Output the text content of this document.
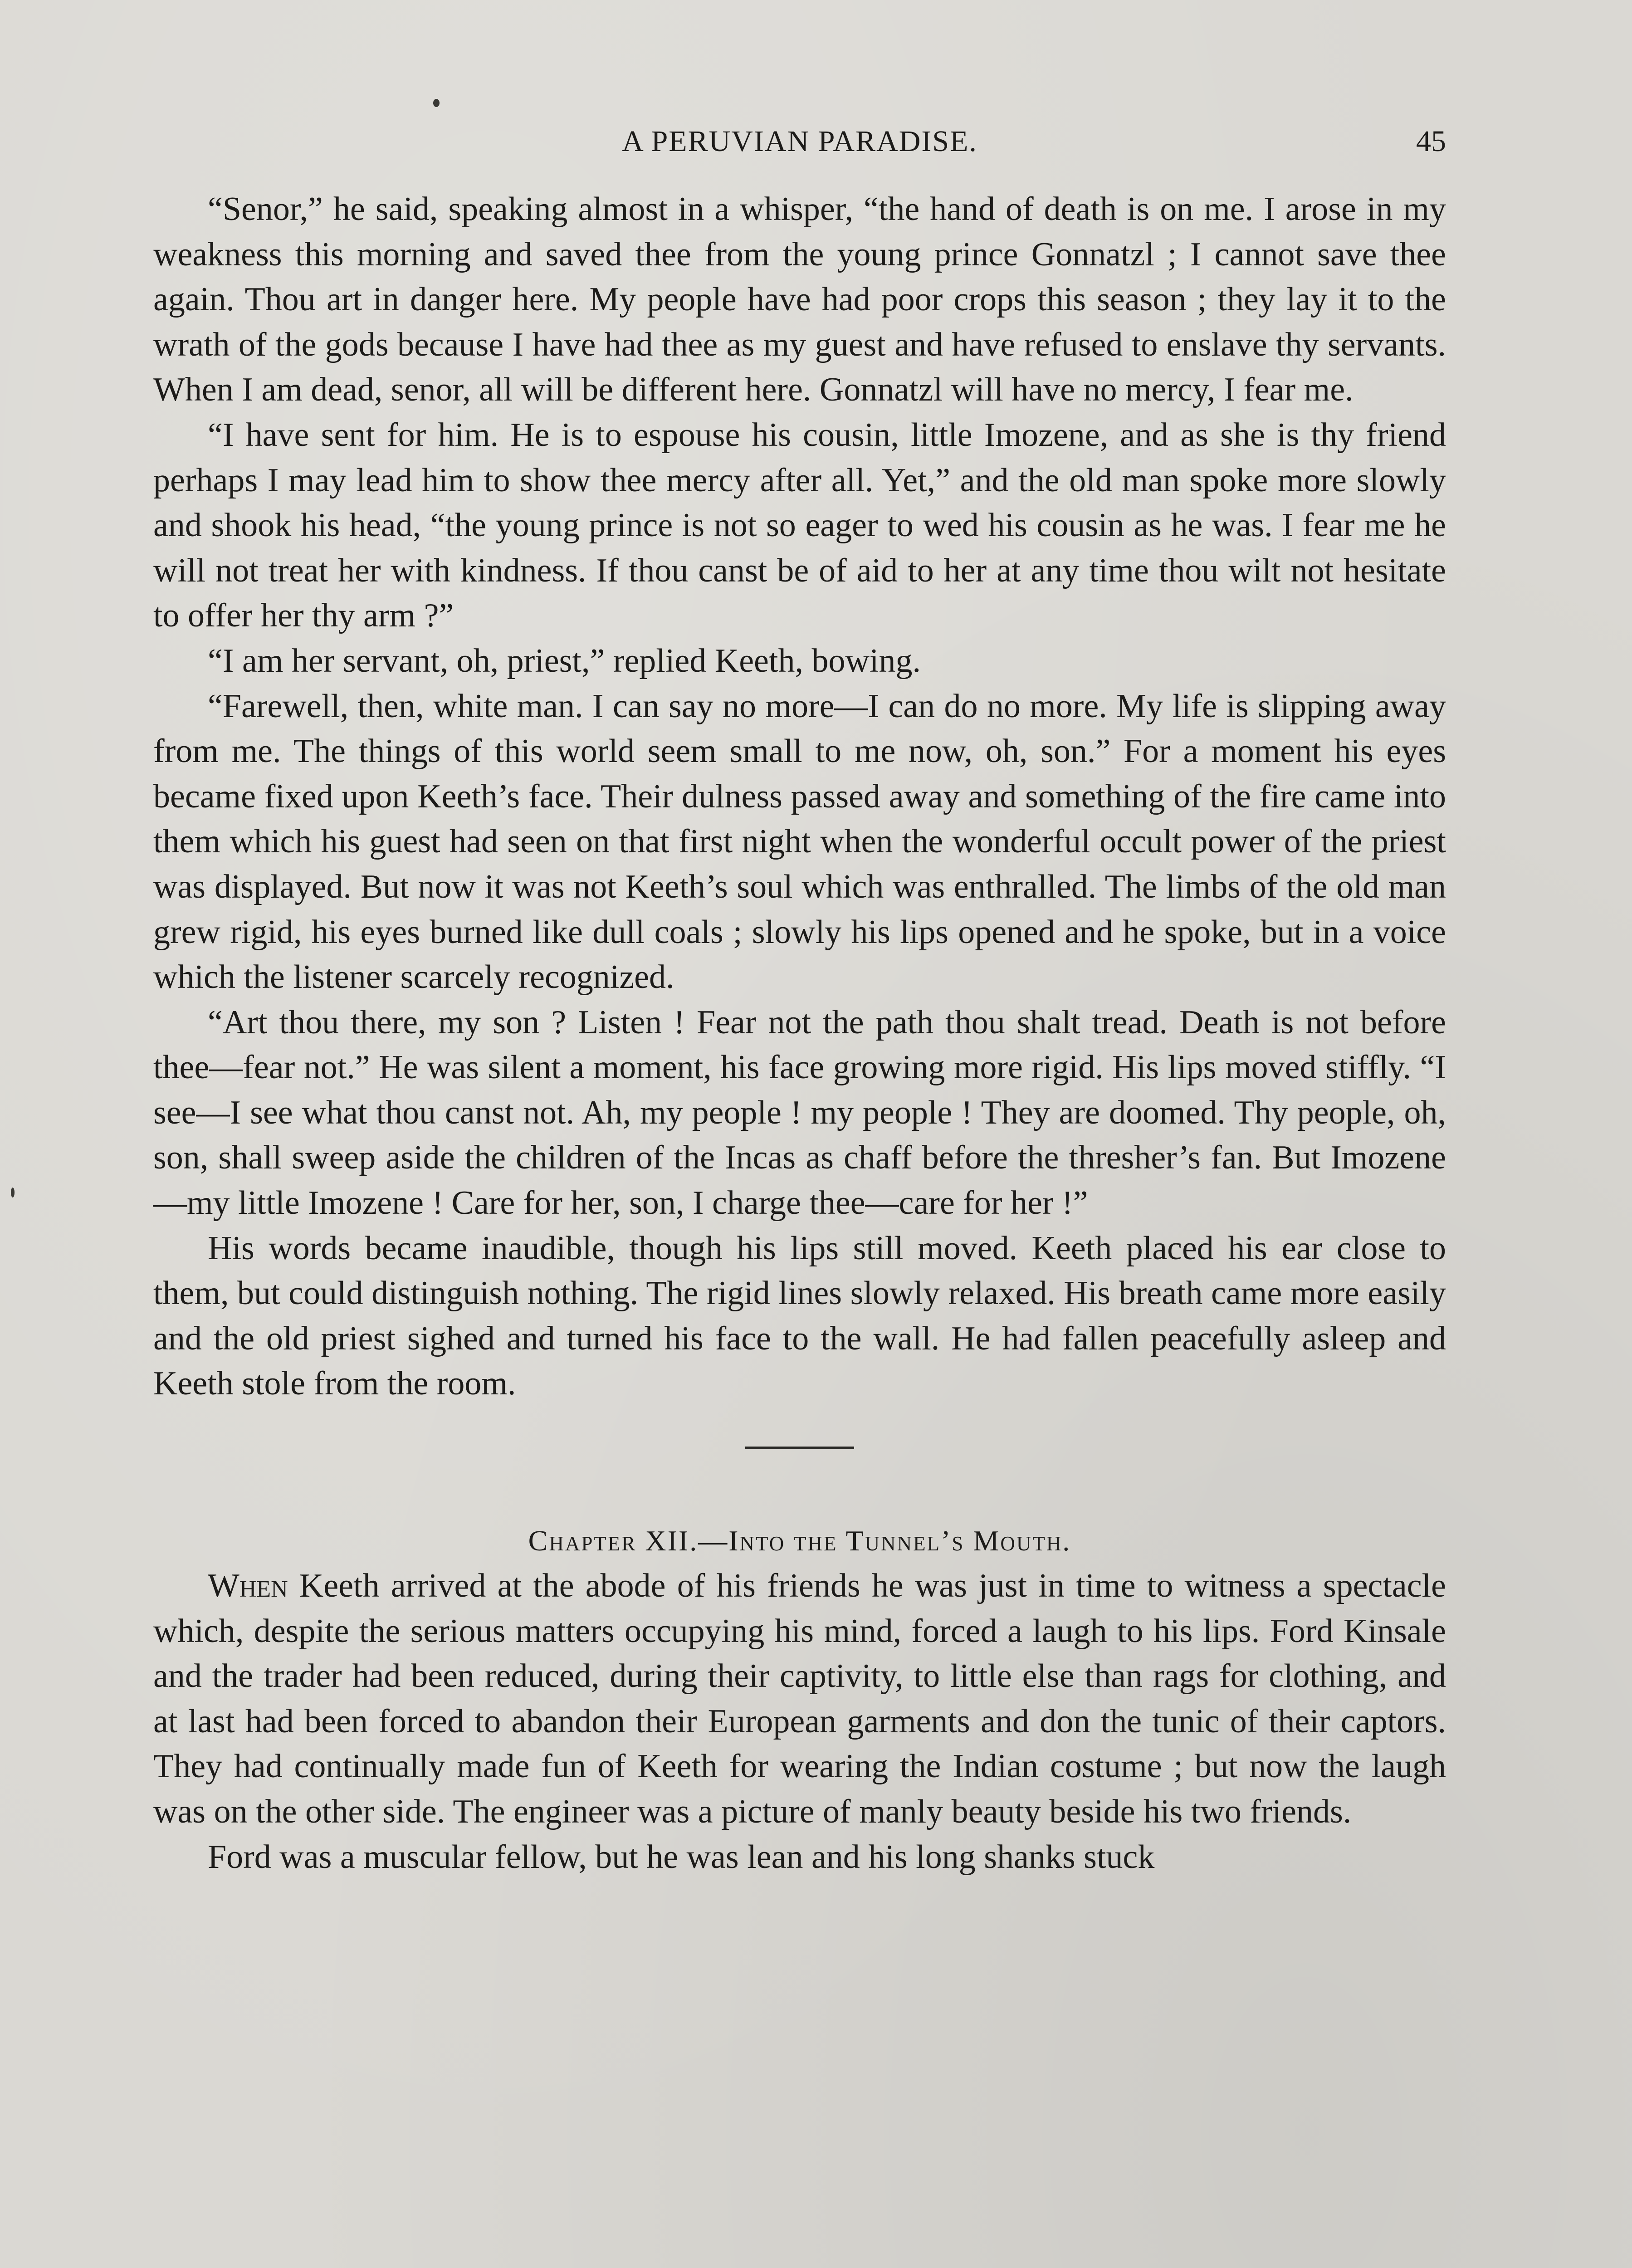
A PERUVIAN PARADISE.	45

“Senor,” he said, speaking almost in a whisper, “the hand of death is on me. I arose in my weakness this morning and saved thee from the young prince Gonnatzl ; I cannot save thee again. Thou art in danger here. My people have had poor crops this season ; they lay it to the wrath of the gods because I have had thee as my guest and have refused to enslave thy servants. When I am dead, senor, all will be different here. Gonnatzl will have no mercy, I fear me.

“I have sent for him. He is to espouse his cousin, little Imozene, and as she is thy friend perhaps I may lead him to show thee mercy after all. Yet,” and the old man spoke more slowly and shook his head, “the young prince is not so eager to wed his cousin as he was. I fear me he will not treat her with kindness. If thou canst be of aid to her at any time thou wilt not hesitate to offer her thy arm ?”

“I am her servant, oh, priest,” replied Keeth, bowing.

“Farewell, then, white man. I can say no more—I can do no more. My life is slipping away from me. The things of this world seem small to me now, oh, son.” For a moment his eyes became fixed upon Keeth’s face. Their dulness passed away and something of the fire came into them which his guest had seen on that first night when the wonderful occult power of the priest was displayed. But now it was not Keeth’s soul which was enthralled. The limbs of the old man grew rigid, his eyes burned like dull coals ; slowly his lips opened and he spoke, but in a voice which the listener scarcely recognized.

“Art thou there, my son ? Listen ! Fear not the path thou shalt tread. Death is not before thee—fear not.” He was silent a moment, his face growing more rigid. His lips moved stiffly. “I see—I see what thou canst not. Ah, my people ! my people ! They are doomed. Thy people, oh, son, shall sweep aside the children of the Incas as chaff before the thresher’s fan. But Imozene—my little Imozene ! Care for her, son, I charge thee—care for her !”

His words became inaudible, though his lips still moved. Keeth placed his ear close to them, but could distinguish nothing. The rigid lines slowly relaxed. His breath came more easily and the old priest sighed and turned his face to the wall. He had fallen peacefully asleep and Keeth stole from the room.

Chapter XII.—Into the Tunnel’s Mouth.

When Keeth arrived at the abode of his friends he was just in time to witness a spectacle which, despite the serious matters occupying his mind, forced a laugh to his lips. Ford Kinsale and the trader had been reduced, during their captivity, to little else than rags for clothing, and at last had been forced to abandon their European garments and don the tunic of their captors. They had continually made fun of Keeth for wearing the Indian costume ; but now the laugh was on the other side. The engineer was a picture of manly beauty beside his two friends.

Ford was a muscular fellow, but he was lean and his long shanks stuck
